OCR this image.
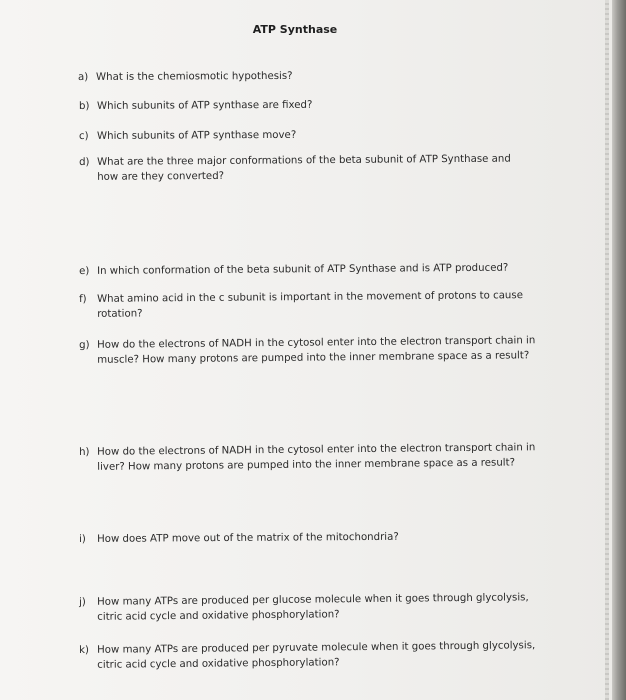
ATP Synthase
a) What is the chemiosmotic hypothesis?
b) Which subunits of ATP synthase are fixed?
c) Which subunits of ATP synthase move?
d) What are the three major conformations of the beta subunit of ATP Synthase and how are they converted?
e) In which conformation of the beta subunit of ATP Synthase and is ATP produced?
f)	What amino acid in the c subunit is important in the movement of protons to cause rotation?
g) How do the electrons of NADH in the cytosol enter into the electron transport chain in muscle? How many protons are pumped into the inner membrane space as a result?
h) How do the electrons of NADH in the cytosol enter into the electron transport chain in liver? How many protons are pumped into the inner membrane space as a result?
i)	How does ATP move out of the matrix of the mitochondria?
j)	How many ATPs are produced per glucose molecule when it goes through glycolysis, citric acid cycle and oxidative phosphorylation?
k) How many ATPs are produced per pyruvate molecule when it goes through glycolysis, citric acid cycle and oxidative phosphorylation?
